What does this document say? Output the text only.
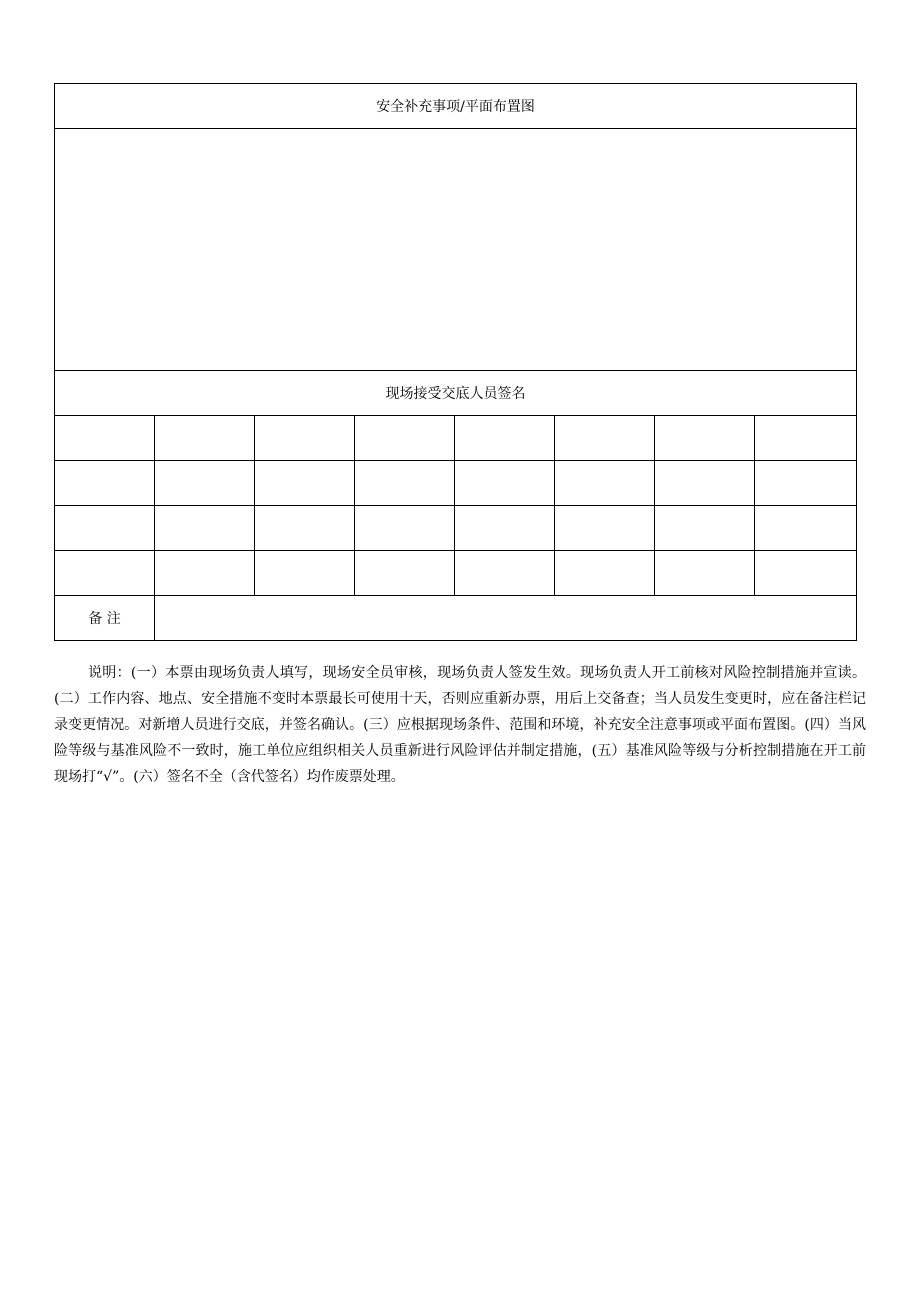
安全补充事项/平面布置图							

现场接受交底人员签名							

备 注							

说明：(一）本票由现场负责人填写，现场安全员审核，现场负责人签发生效。现场负责人开工前核对风险控制措施并宣读。(二）工作内容、地点、安全措施不变时本票最长可使用十天，否则应重新办票，用后上交备查；当人员发生变更时，应在备注栏记录变更情况。对新增人员进行交底，并签名确认。(三）应根据现场条件、范围和环境，补充安全注意事项或平面布置图。(四）当风险等级与基准风险不一致时，施工单位应组织相关人员重新进行风险评估并制定措施，(五）基准风险等级与分析控制措施在开工前现场打“√”。(六）签名不全（含代签名）均作废票处理。
